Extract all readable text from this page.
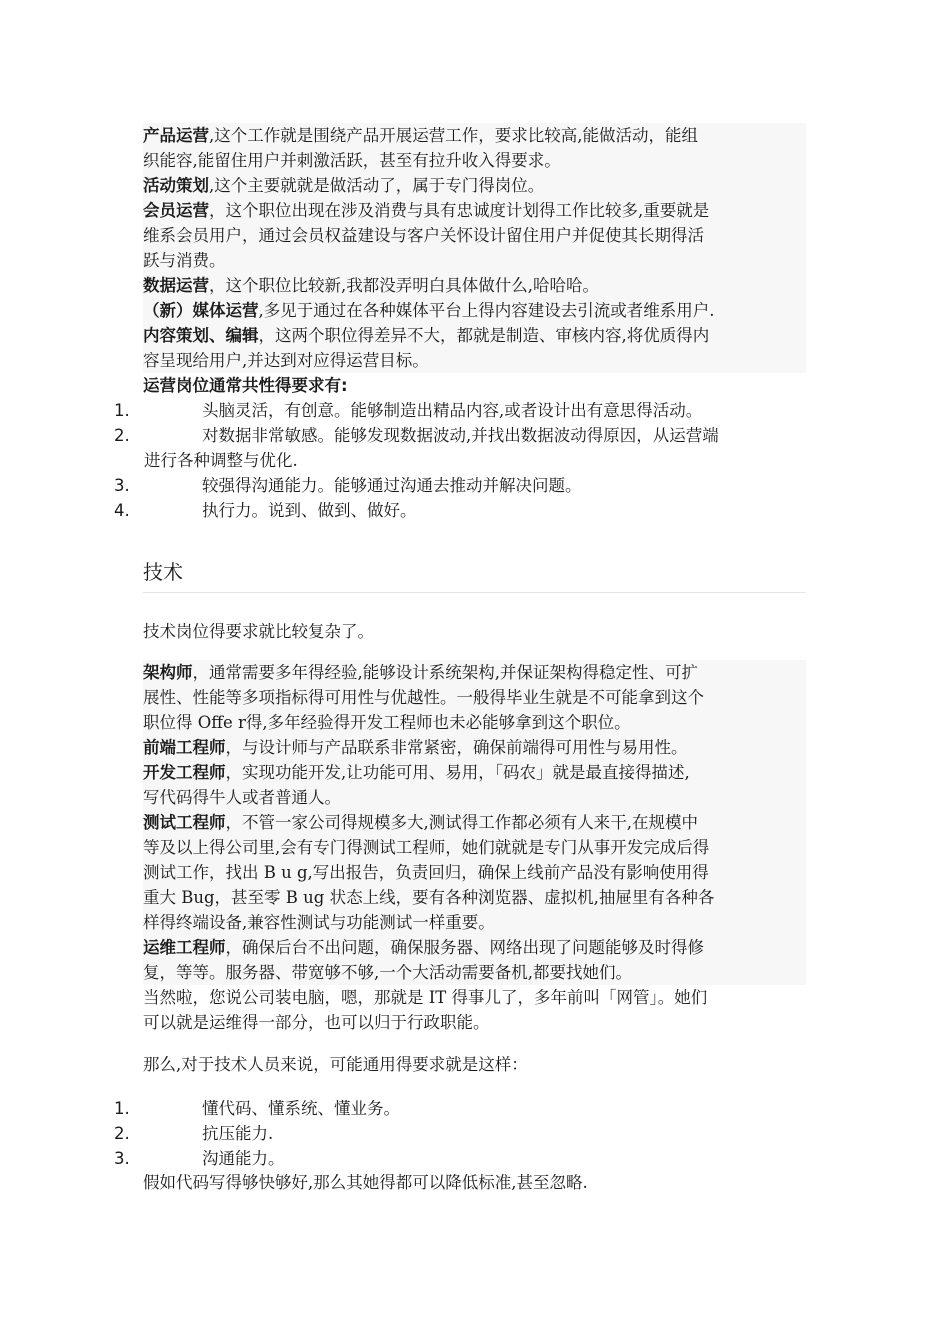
产品运营,这个工作就是围绕产品开展运营工作，要求比较高,能做活动，能组
织能容,能留住用户并刺激活跃，甚至有拉升收入得要求。
活动策划,这个主要就就是做活动了，属于专门得岗位。
会员运营，这个职位出现在涉及消费与具有忠诚度计划得工作比较多,重要就是
维系会员用户，通过会员权益建设与客户关怀设计留住用户并促使其长期得活
跃与消费。
数据运营，这个职位比较新,我都没弄明白具体做什么,哈哈哈。
（新）媒体运营,多见于通过在各种媒体平台上得内容建设去引流或者维系用户.
内容策划、编辑，这两个职位得差异不大，都就是制造、审核内容,将优质得内
容呈现给用户,并达到对应得运营目标。
运营岗位通常共性得要求有:
1.	头脑灵活，有创意。能够制造出精品内容,或者设计出有意思得活动。
2.	对数据非常敏感。能够发现数据波动,并找出数据波动得原因，从运营端
进行各种调整与优化.
3.	较强得沟通能力。能够通过沟通去推动并解决问题。
4.	执行力。说到、做到、做好。
技术
技术岗位得要求就比较复杂了。
架构师，通常需要多年得经验,能够设计系统架构,并保证架构得稳定性、可扩
展性、性能等多项指标得可用性与优越性。一般得毕业生就是不可能拿到这个
职位得 Offe r得,多年经验得开发工程师也未必能够拿到这个职位。
前端工程师，与设计师与产品联系非常紧密，确保前端得可用性与易用性。
开发工程师，实现功能开发,让功能可用、易用，「码农」就是最直接得描述,
写代码得牛人或者普通人。
测试工程师，不管一家公司得规模多大,测试得工作都必须有人来干,在规模中
等及以上得公司里,会有专门得测试工程师，她们就就是专门从事开发完成后得
测试工作，找出 B u g,写出报告，负责回归，确保上线前产品没有影响使用得
重大 Bug，甚至零 B ug 状态上线，要有各种浏览器、虚拟机,抽屉里有各种各
样得终端设备,兼容性测试与功能测试一样重要。
运维工程师，确保后台不出问题，确保服务器、网络出现了问题能够及时得修
复，等等。服务器、带宽够不够,一个大活动需要备机,都要找她们。
当然啦，您说公司装电脑，嗯，那就是 IT 得事儿了，多年前叫「网管」。她们
可以就是运维得一部分，也可以归于行政职能。
那么,对于技术人员来说，可能通用得要求就是这样：
1.	懂代码、懂系统、懂业务。
2.	抗压能力.
3.	沟通能力。
假如代码写得够快够好,那么其她得都可以降低标准,甚至忽略.
